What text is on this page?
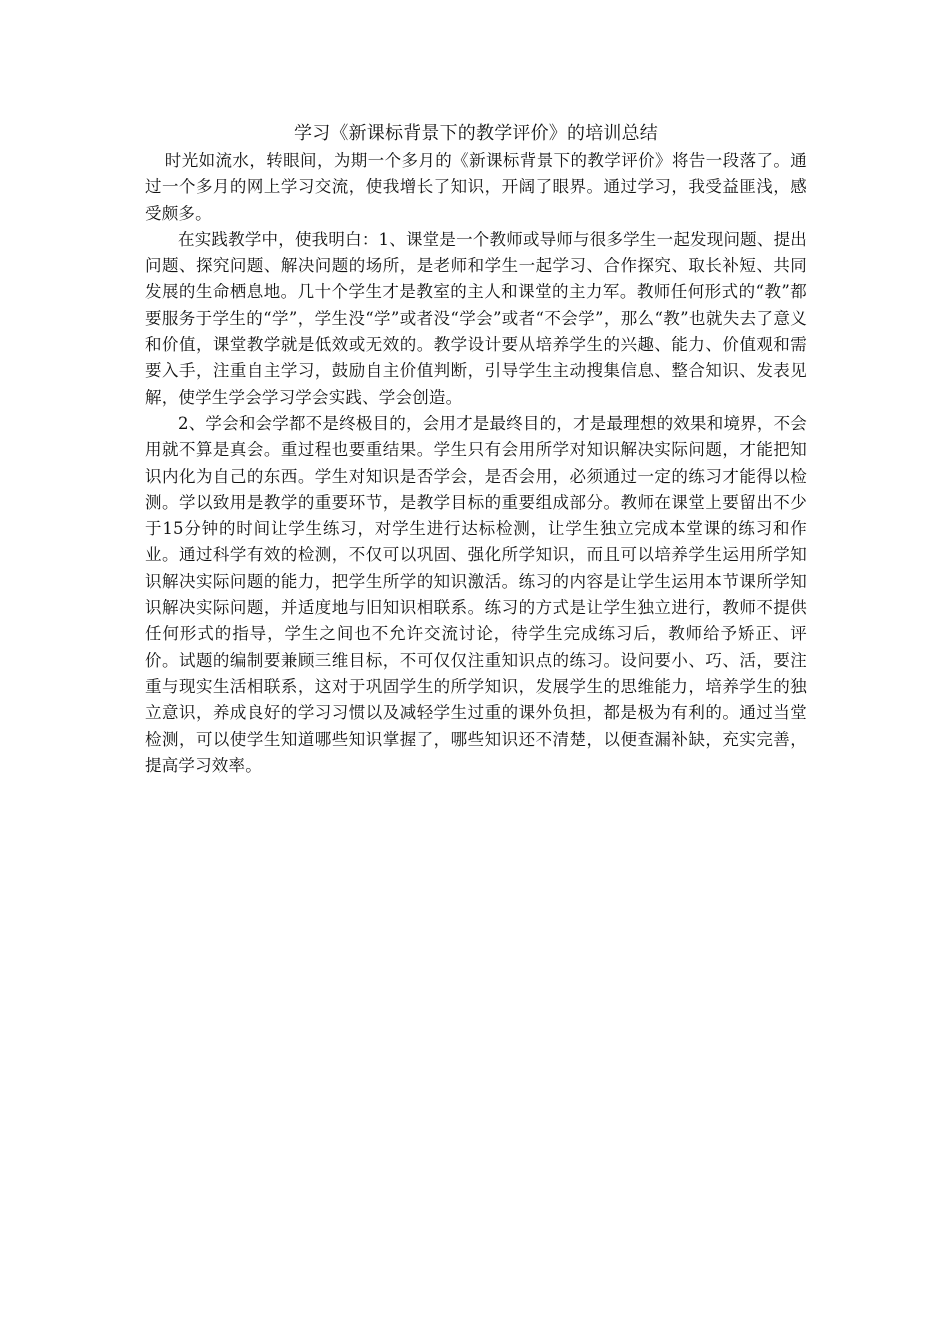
学习《新课标背景下的教学评价》的培训总结

时光如流水，转眼间，为期一个多月的《新课标背景下的教学评价》将告一段落了。通过一个多月的网上学习交流，使我增长了知识，开阔了眼界。通过学习，我受益匪浅，感受颇多。

在实践教学中，使我明白：1、课堂是一个教师或导师与很多学生一起发现问题、提出问题、探究问题、解决问题的场所，是老师和学生一起学习、合作探究、取长补短、共同发展的生命栖息地。几十个学生才是教室的主人和课堂的主力军。教师任何形式的“教”都要服务于学生的“学”，学生没“学”或者没“学会”或者“不会学”，那么“教”也就失去了意义和价值，课堂教学就是低效或无效的。教学设计要从培养学生的兴趣、能力、价值观和需要入手，注重自主学习，鼓励自主价值判断，引导学生主动搜集信息、整合知识、发表见解，使学生学会学习学会实践、学会创造。

2、学会和会学都不是终极目的，会用才是最终目的，才是最理想的效果和境界，不会用就不算是真会。重过程也要重结果。学生只有会用所学对知识解决实际问题，才能把知识内化为自己的东西。学生对知识是否学会，是否会用，必须通过一定的练习才能得以检测。学以致用是教学的重要环节，是教学目标的重要组成部分。教师在课堂上要留出不少于15分钟的时间让学生练习，对学生进行达标检测，让学生独立完成本堂课的练习和作业。通过科学有效的检测，不仅可以巩固、强化所学知识，而且可以培养学生运用所学知识解决实际问题的能力，把学生所学的知识激活。练习的内容是让学生运用本节课所学知识解决实际问题，并适度地与旧知识相联系。练习的方式是让学生独立进行，教师不提供任何形式的指导，学生之间也不允许交流讨论，待学生完成练习后，教师给予矫正、评价。试题的编制要兼顾三维目标，不可仅仅注重知识点的练习。设问要小、巧、活，要注重与现实生活相联系，这对于巩固学生的所学知识，发展学生的思维能力，培养学生的独立意识，养成良好的学习习惯以及减轻学生过重的课外负担，都是极为有利的。通过当堂检测，可以使学生知道哪些知识掌握了，哪些知识还不清楚，以便查漏补缺，充实完善，提高学习效率。
